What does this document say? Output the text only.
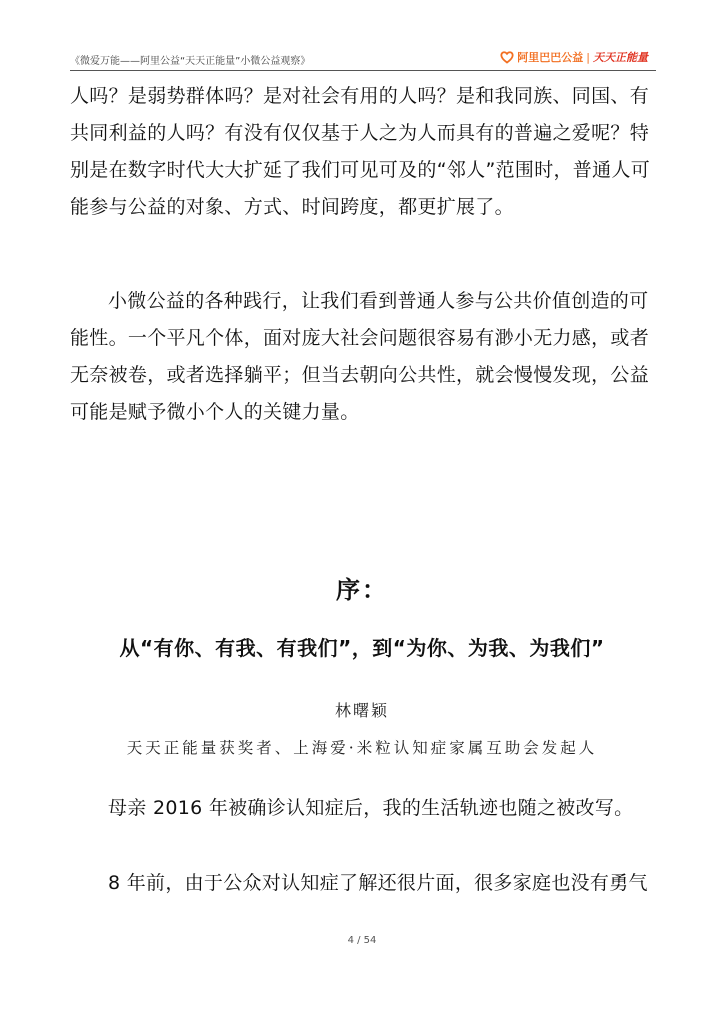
《微爱万能——阿里公益“天天正能量”小微公益观察》	阿里巴巴公益 | 天天正能量

人吗？是弱势群体吗？是对社会有用的人吗？是和我同族、同国、有共同利益的人吗？有没有仅仅基于人之为人而具有的普遍之爱呢？特别是在数字时代大大扩延了我们可见可及的“邻人”范围时，普通人可能参与公益的对象、方式、时间跨度，都更扩展了。

小微公益的各种践行，让我们看到普通人参与公共价值创造的可能性。一个平凡个体，面对庞大社会问题很容易有渺小无力感，或者无奈被卷，或者选择躺平；但当去朝向公共性，就会慢慢发现，公益可能是赋予微小个人的关键力量。

序：
从“有你、有我、有我们”，到“为你、为我、为我们”
林曙颖
天天正能量获奖者、上海爱·米粒认知症家属互助会发起人

母亲 2016 年被确诊认知症后，我的生活轨迹也随之被改写。

8 年前，由于公众对认知症了解还很片面，很多家庭也没有勇气

4 / 54
